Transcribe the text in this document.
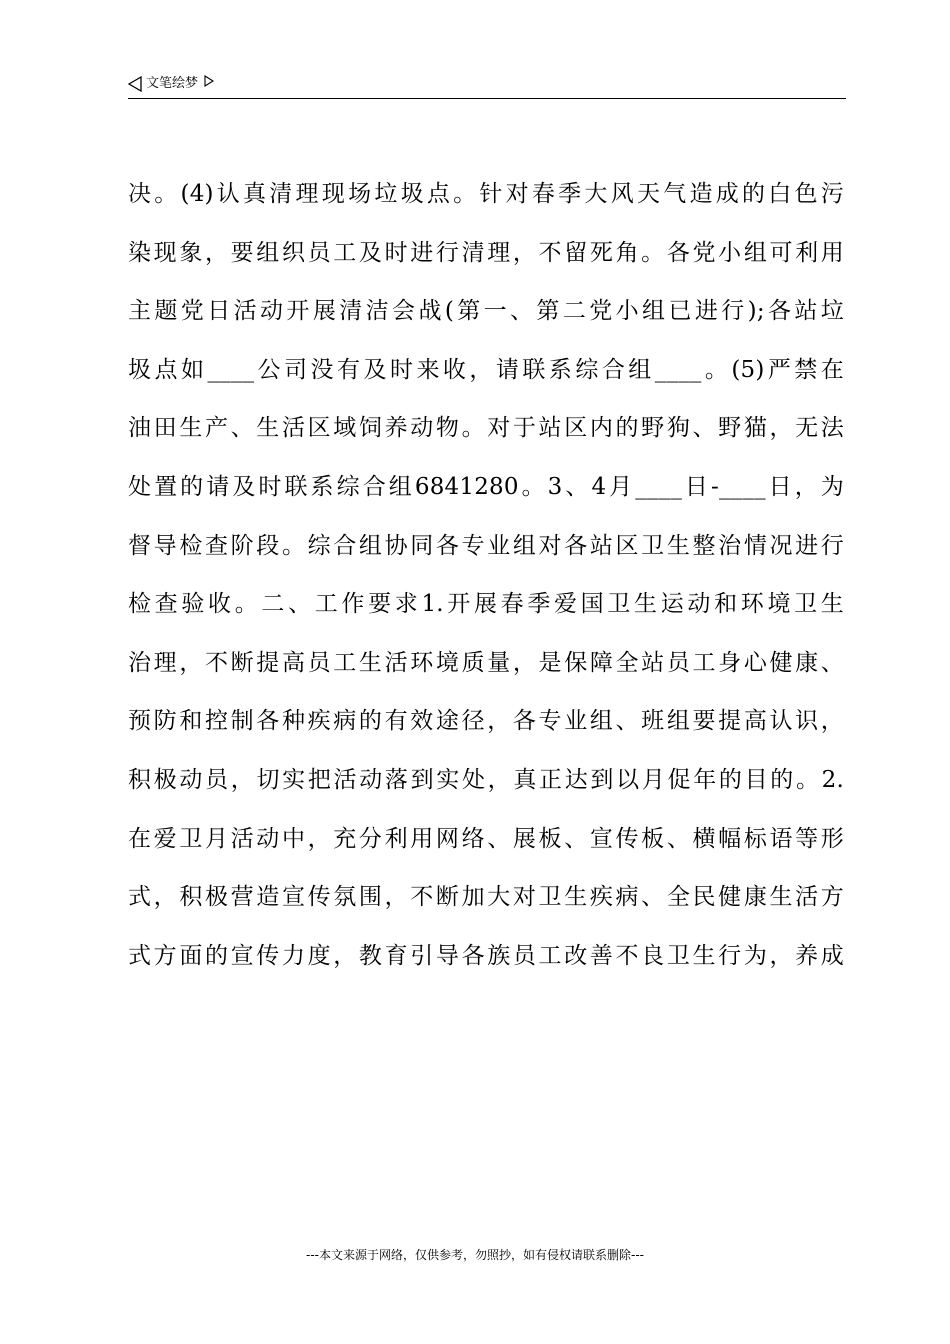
文笔绘梦
决。(4)认真清理现场垃圾点。针对春季大风天气造成的白色污
染现象，要组织员工及时进行清理，不留死角。各党小组可利用
主题党日活动开展清洁会战(第一、第二党小组已进行);各站垃
圾点如____公司没有及时来收，请联系综合组____。(5)严禁在
油田生产、生活区域饲养动物。对于站区内的野狗、野猫，无法
处置的请及时联系综合组6841280。3、4月____日-____日，为
督导检查阶段。综合组协同各专业组对各站区卫生整治情况进行
检查验收。二、工作要求1.开展春季爱国卫生运动和环境卫生
治理，不断提高员工生活环境质量，是保障全站员工身心健康、
预防和控制各种疾病的有效途径，各专业组、班组要提高认识，
积极动员，切实把活动落到实处，真正达到以月促年的目的。2.
在爱卫月活动中，充分利用网络、展板、宣传板、横幅标语等形
式，积极营造宣传氛围，不断加大对卫生疾病、全民健康生活方
式方面的宣传力度，教育引导各族员工改善不良卫生行为，养成
---本文来源于网络，仅供参考，勿照抄，如有侵权请联系删除---
